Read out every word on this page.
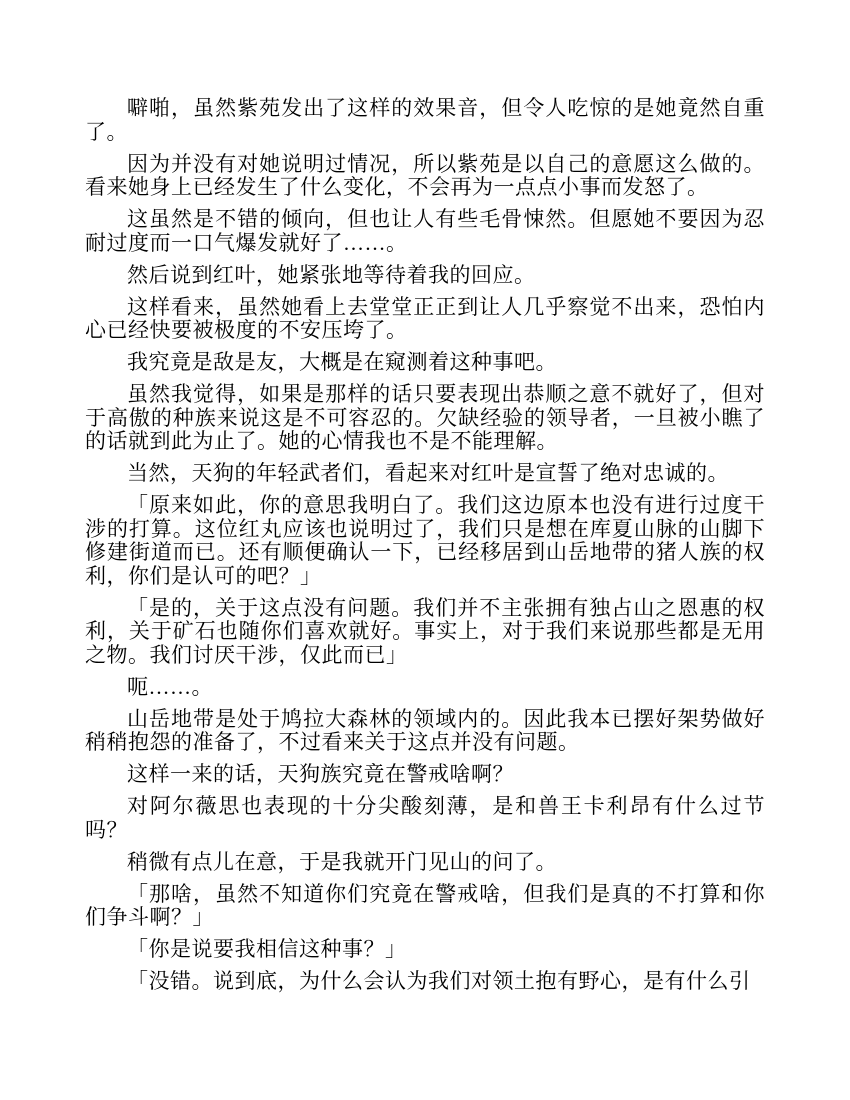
噼啪，虽然紫苑发出了这样的效果音，但令人吃惊的是她竟然自重了。

因为并没有对她说明过情况，所以紫苑是以自己的意愿这么做的。看来她身上已经发生了什么变化，不会再为一点点小事而发怒了。

这虽然是不错的倾向，但也让人有些毛骨悚然。但愿她不要因为忍耐过度而一口气爆发就好了……。

然后说到红叶，她紧张地等待着我的回应。

这样看来，虽然她看上去堂堂正正到让人几乎察觉不出来，恐怕内心已经快要被极度的不安压垮了。

我究竟是敌是友，大概是在窥测着这种事吧。

虽然我觉得，如果是那样的话只要表现出恭顺之意不就好了，但对于高傲的种族来说这是不可容忍的。欠缺经验的领导者，一旦被小瞧了的话就到此为止了。她的心情我也不是不能理解。

当然，天狗的年轻武者们，看起来对红叶是宣誓了绝对忠诚的。

「原来如此，你的意思我明白了。我们这边原本也没有进行过度干涉的打算。这位红丸应该也说明过了，我们只是想在库夏山脉的山脚下修建街道而已。还有顺便确认一下，已经移居到山岳地带的猪人族的权利，你们是认可的吧？」

「是的，关于这点没有问题。我们并不主张拥有独占山之恩惠的权利，关于矿石也随你们喜欢就好。事实上，对于我们来说那些都是无用之物。我们讨厌干涉，仅此而已」

呃……。

山岳地带是处于鸠拉大森林的领域内的。因此我本已摆好架势做好稍稍抱怨的准备了，不过看来关于这点并没有问题。

这样一来的话，天狗族究竟在警戒啥啊？

对阿尔薇思也表现的十分尖酸刻薄，是和兽王卡利昂有什么过节吗？

稍微有点儿在意，于是我就开门见山的问了。

「那啥，虽然不知道你们究竟在警戒啥，但我们是真的不打算和你们争斗啊？」

「你是说要我相信这种事？」

「没错。说到底，为什么会认为我们对领土抱有野心，是有什么引
